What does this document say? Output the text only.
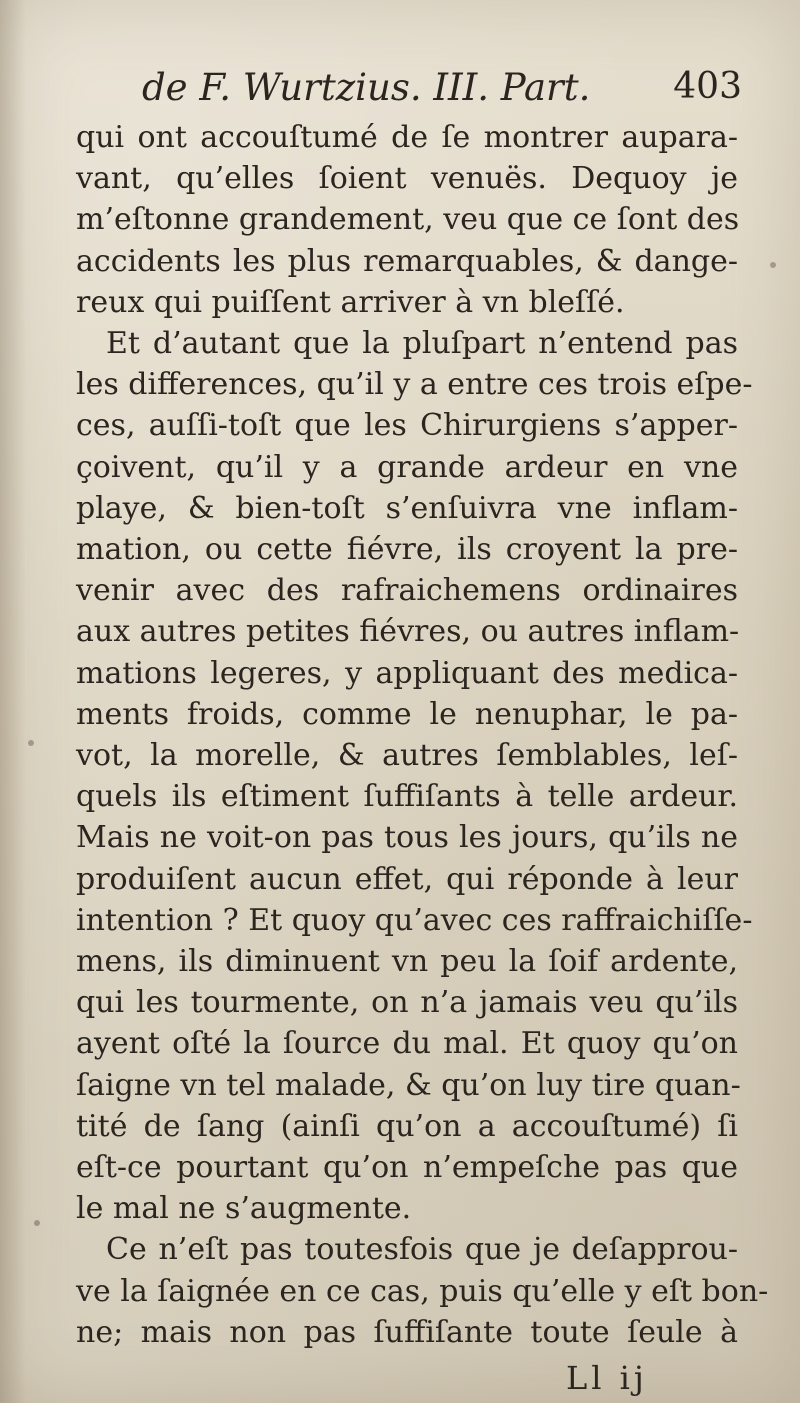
de F. Wurtzius. III. Part. 403
qui ont accouſtumé de ſe montrer aupara-
vant, qu’elles ſoient venuës. Dequoy je
m’eſtonne grandement, veu que ce ſont des
accidents les plus remarquables, & dange-
reux qui puiſſent arriver à vn bleſſé.
Et d’autant que la pluſpart n’entend pas
les differences, qu’il y a entre ces trois eſpe-
ces, auſſi-toſt que les Chirurgiens s’apper-
çoivent, qu’il y a grande ardeur en vne
playe, & bien-toſt s’enſuivra vne inflam-
mation, ou cette fiévre, ils croyent la pre-
venir avec des rafraichemens ordinaires
aux autres petites fiévres, ou autres inflam-
mations legeres, y appliquant des medica-
ments froids, comme le nenuphar, le pa-
vot, la morelle, & autres ſemblables, leſ-
quels ils eſtiment ſuffiſants à telle ardeur.
Mais ne voit-on pas tous les jours, qu’ils ne
produiſent aucun effet, qui réponde à leur
intention ? Et quoy qu’avec ces raffraichiſſe-
mens, ils diminuent vn peu la ſoif ardente,
qui les tourmente, on n’a jamais veu qu’ils
ayent oſté la ſource du mal. Et quoy qu’on
ſaigne vn tel malade, & qu’on luy tire quan-
tité de ſang (ainſi qu’on a accouſtumé) ſi
eſt-ce pourtant qu’on n’empeſche pas que
le mal ne s’augmente.
Ce n’eſt pas toutesfois que je deſapprou-
ve la ſaignée en ce cas, puis qu’elle y eſt bon-
ne; mais non pas ſuffiſante toute ſeule à
Ll ij
